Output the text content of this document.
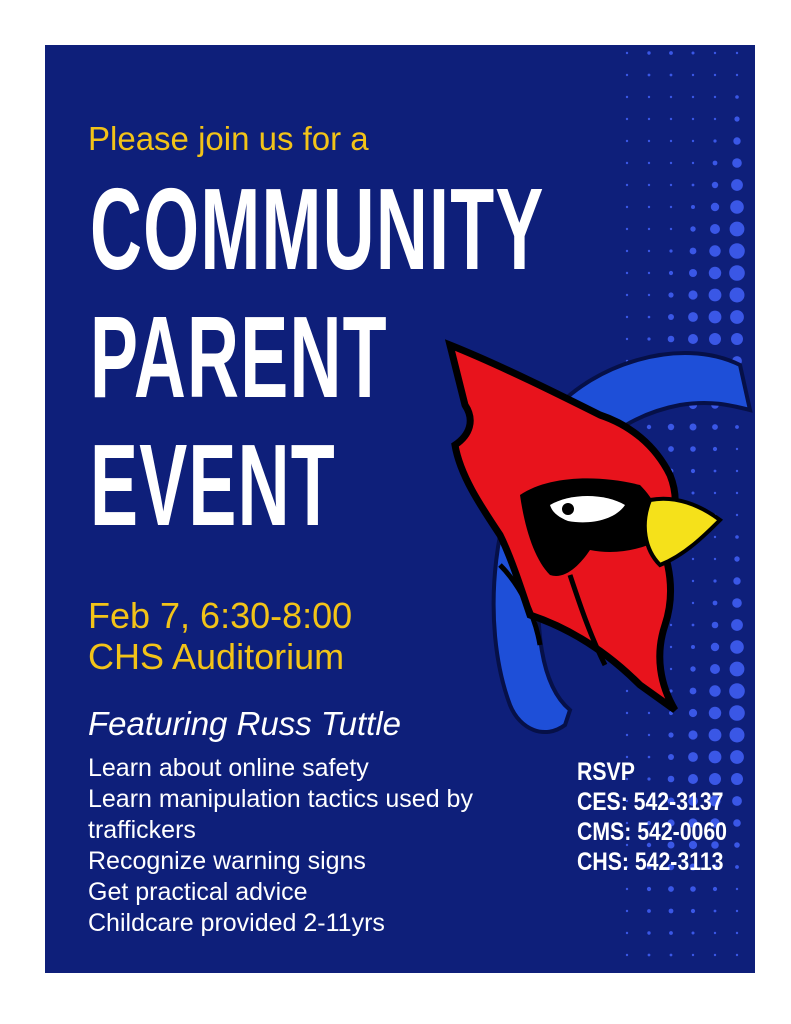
Please join us for a

COMMUNITY
PARENT
EVENT
Feb 7, 6:30-8:00
CHS Auditorium
Featuring Russ Tuttle
Learn about online safety
Learn manipulation tactics used by traffickers
Recognize warning signs
Get practical advice
Childcare provided 2-11yrs
RSVP
CES: 542-3137
CMS: 542-0060
CHS: 542-3113
